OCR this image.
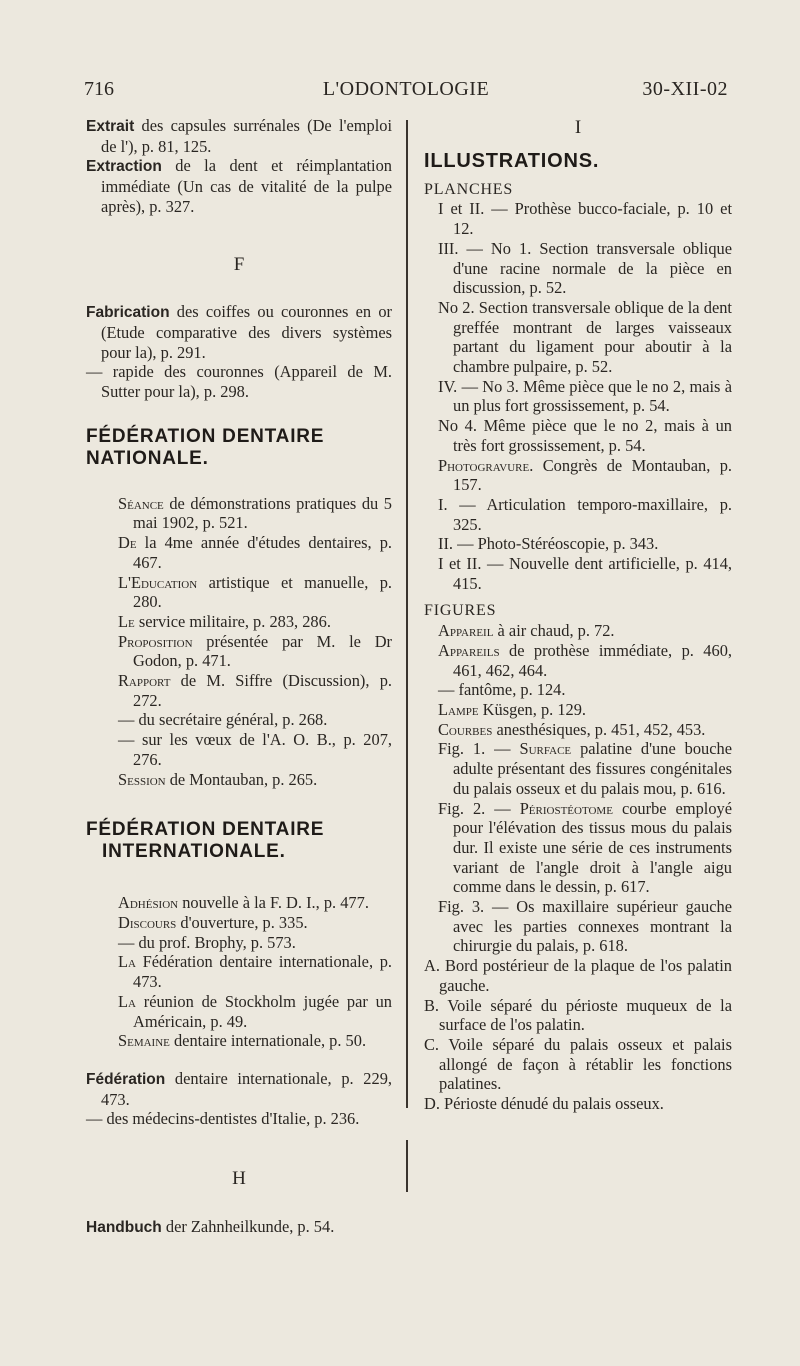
716	L'ODONTOLOGIE	30-XII-02
Extrait des capsules surrénales (De l'emploi de l'), p. 81, 125.
Extraction de la dent et réimplantation immédiate (Un cas de vitalité de la pulpe après), p. 327.
F
Fabrication des coiffes ou couronnes en or (Etude comparative des divers systèmes pour la), p. 291.
— rapide des couronnes (Appareil de M. Sutter pour la), p. 298.
FÉDÉRATION DENTAIRE
NATIONALE.
Séance de démonstrations pratiques du 5 mai 1902, p. 521.
De la 4me année d'études dentaires, p. 467.
L'Education artistique et manuelle, p. 280.
Le service militaire, p. 283, 286.
Proposition présentée par M. le Dr Godon, p. 471.
Rapport de M. Siffre (Discussion), p. 272.
— du secrétaire général, p. 268.
— sur les vœux de l'A. O. B., p. 207, 276.
Session de Montauban, p. 265.
FÉDÉRATION DENTAIRE
INTERNATIONALE.
Adhésion nouvelle à la F. D. I., p. 477.
Discours d'ouverture, p. 335.
— du prof. Brophy, p. 573.
La Fédération dentaire internationale, p. 473.
La réunion de Stockholm jugée par un Américain, p. 49.
Semaine dentaire internationale, p. 50.
Fédération dentaire internationale, p. 229, 473.
— des médecins-dentistes d'Italie, p. 236.
H
Handbuch der Zahnheilkunde, p. 54.
I
ILLUSTRATIONS.
PLANCHES
I et II. — Prothèse bucco-faciale, p. 10 et 12.
III. — No 1. Section transversale oblique d'une racine normale de la pièce en discussion, p. 52.
No 2. Section transversale oblique de la dent greffée montrant de larges vaisseaux partant du ligament pour aboutir à la chambre pulpaire, p. 52.
IV. — No 3. Même pièce que le no 2, mais à un plus fort grossissement, p. 54.
No 4. Même pièce que le no 2, mais à un très fort grossissement, p. 54.
Photogravure. Congrès de Montauban, p. 157.
I. — Articulation temporo-maxillaire, p. 325.
II. — Photo-Stéréoscopie, p. 343.
I et II. — Nouvelle dent artificielle, p. 414, 415.
FIGURES
Appareil à air chaud, p. 72.
Appareils de prothèse immédiate, p. 460, 461, 462, 464.
— fantôme, p. 124.
Lampe Küsgen, p. 129.
Courbes anesthésiques, p. 451, 452, 453.
Fig. 1. — Surface palatine d'une bouche adulte présentant des fissures congénitales du palais osseux et du palais mou, p. 616.
Fig. 2. — Périostéotome courbe employé pour l'élévation des tissus mous du palais dur. Il existe une série de ces instruments variant de l'angle droit à l'angle aigu comme dans le dessin, p. 617.
Fig. 3. — Os maxillaire supérieur gauche avec les parties connexes montrant la chirurgie du palais, p. 618.
A. Bord postérieur de la plaque de l'os palatin gauche.
B. Voile séparé du périoste muqueux de la surface de l'os palatin.
C. Voile séparé du palais osseux et palais allongé de façon à rétablir les fonctions palatines.
D. Périoste dénudé du palais osseux.
